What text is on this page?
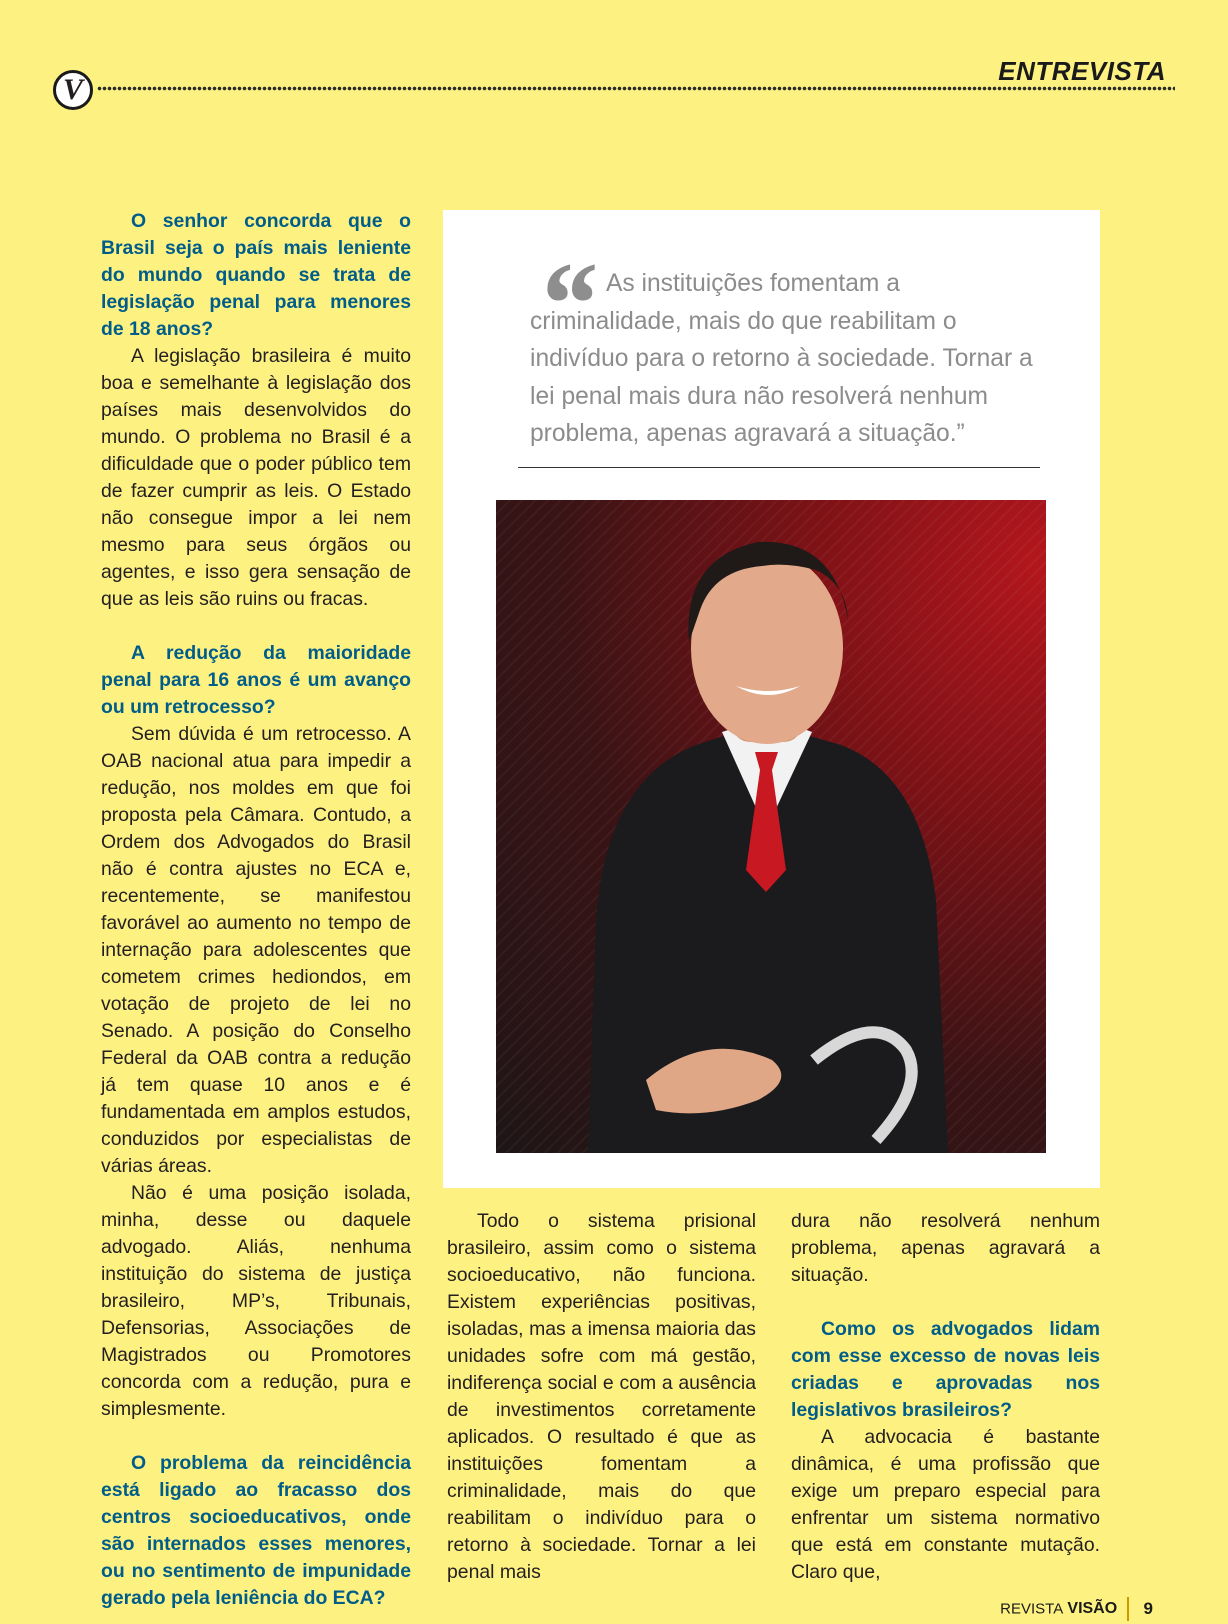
V
ENTREVISTA

O senhor concorda que o Brasil seja o país mais leniente do mundo quando se trata de legislação penal para menores de 18 anos?

A legislação brasileira é muito boa e semelhante à legislação dos países mais desenvolvidos do mundo. O problema no Brasil é a dificuldade que o poder público tem de fazer cumprir as leis. O Estado não consegue impor a lei nem mesmo para seus órgãos ou agentes, e isso gera sensação de que as leis são ruins ou fracas.

A redução da maioridade penal para 16 anos é um avanço ou um retrocesso?

Sem dúvida é um retrocesso. A OAB nacional atua para impedir a redução, nos moldes em que foi proposta pela Câmara. Contudo, a Ordem dos Advogados do Brasil não é contra ajustes no ECA e, recentemente, se manifestou favorável ao aumento no tempo de internação para adolescentes que cometem crimes hediondos, em votação de projeto de lei no Senado. A posição do Conselho Federal da OAB contra a redução já tem quase 10 anos e é fundamentada em amplos estudos, conduzidos por especialistas de várias áreas.

Não é uma posição isolada, minha, desse ou daquele advogado. Aliás, nenhuma instituição do sistema de justiça brasileiro, MP’s, Tribunais, Defensorias, Associações de Magistrados ou Promotores concorda com a redução, pura e simplesmente.

O problema da reincidência está ligado ao fracasso dos centros socioeducativos, onde são internados esses menores, ou no sentimento de impunidade gerado pela leniência do ECA?

“ As instituições fomentam a criminalidade, mais do que reabilitam o indivíduo para o retorno à sociedade. Tornar a lei penal mais dura não resolverá nenhum problema, apenas agravará a situação.”

Todo o sistema prisional brasileiro, assim como o sistema socioeducativo, não funciona. Existem experiências positivas, isoladas, mas a imensa maioria das unidades sofre com má gestão, indiferença social e com a ausência de investimentos corretamente aplicados. O resultado é que as instituições fomentam a criminalidade, mais do que reabilitam o indivíduo para o retorno à sociedade. Tornar a lei penal mais

dura não resolverá nenhum problema, apenas agravará a situação.

Como os advogados lidam com esse excesso de novas leis criadas e aprovadas nos legislativos brasileiros?

A advocacia é bastante dinâmica, é uma profissão que exige um preparo especial para enfrentar um sistema normativo que está em constante mutação. Claro que,

REVISTA VISÃO 9
